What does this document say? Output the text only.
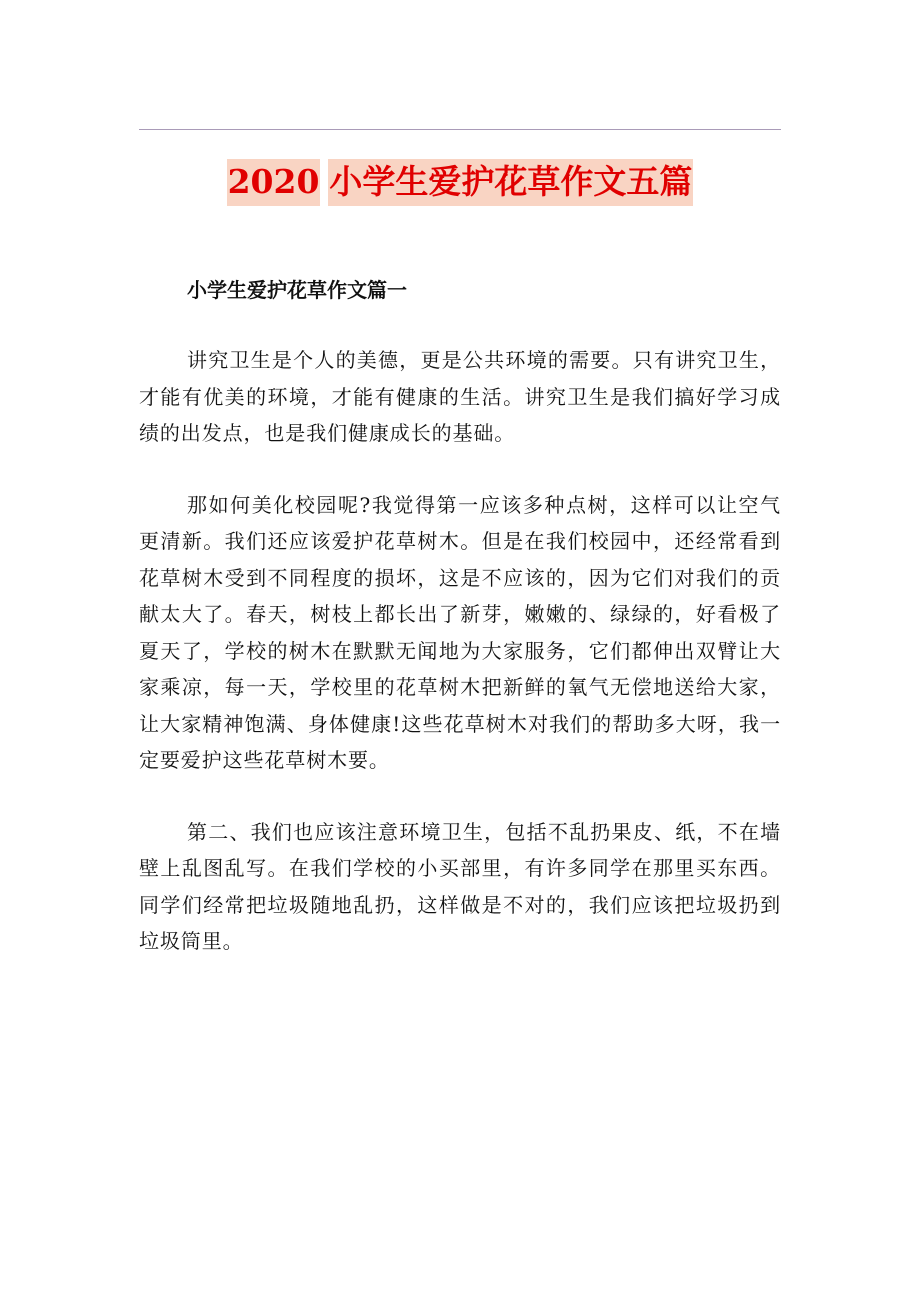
2020 小学生爱护花草作文五篇

小学生爱护花草作文篇一

讲究卫生是个人的美德，更是公共环境的需要。只有讲究卫生，才能有优美的环境，才能有健康的生活。讲究卫生是我们搞好学习成绩的出发点，也是我们健康成长的基础。

那如何美化校园呢?我觉得第一应该多种点树，这样可以让空气更清新。我们还应该爱护花草树木。但是在我们校园中，还经常看到花草树木受到不同程度的损坏，这是不应该的，因为它们对我们的贡献太大了。春天，树枝上都长出了新芽，嫩嫩的、绿绿的，好看极了夏天了，学校的树木在默默无闻地为大家服务，它们都伸出双臂让大家乘凉，每一天，学校里的花草树木把新鲜的氧气无偿地送给大家，让大家精神饱满、身体健康!这些花草树木对我们的帮助多大呀，我一定要爱护这些花草树木要。

第二、我们也应该注意环境卫生，包括不乱扔果皮、纸，不在墙壁上乱图乱写。在我们学校的小买部里，有许多同学在那里买东西。同学们经常把垃圾随地乱扔，这样做是不对的，我们应该把垃圾扔到垃圾筒里。
